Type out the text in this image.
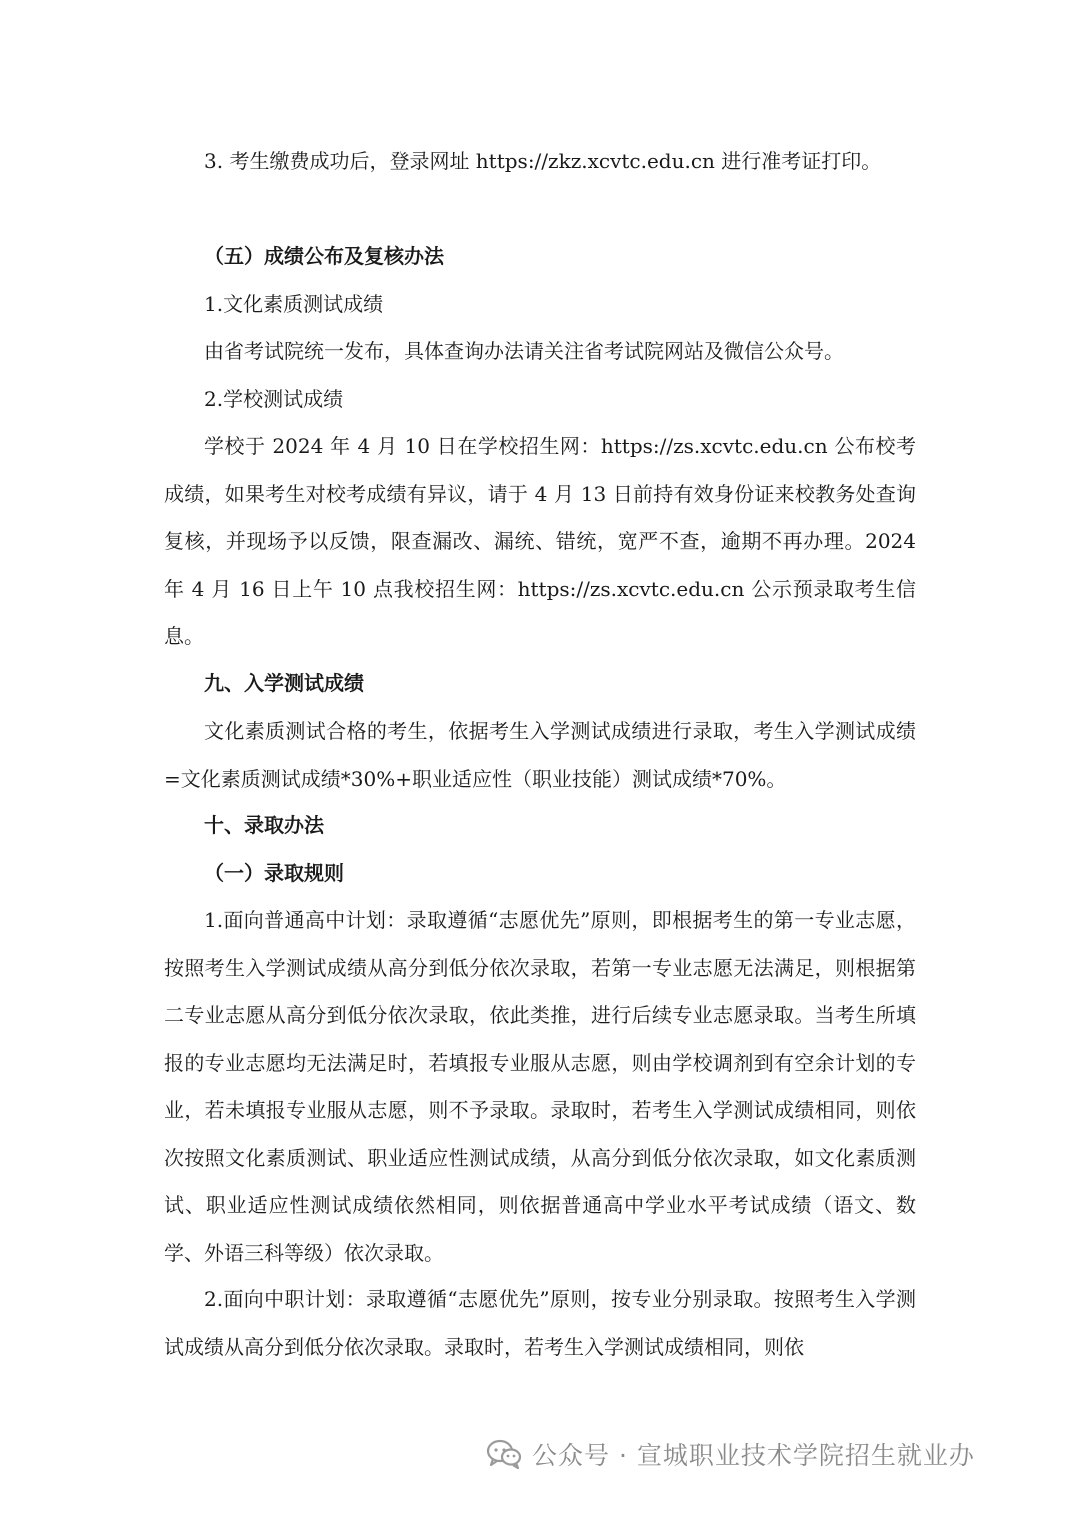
3. 考生缴费成功后，登录网址 https://zkz.xcvtc.edu.cn 进行准考证打印。

（五）成绩公布及复核办法

1.文化素质测试成绩

由省考试院统一发布，具体查询办法请关注省考试院网站及微信公众号。

2.学校测试成绩

学校于 2024 年 4 月 10 日在学校招生网：https://zs.xcvtc.edu.cn 公布校考成绩，如果考生对校考成绩有异议，请于 4 月 13 日前持有效身份证来校教务处查询复核，并现场予以反馈，限查漏改、漏统、错统，宽严不查，逾期不再办理。2024 年 4 月 16 日上午 10 点我校招生网：https://zs.xcvtc.edu.cn 公示预录取考生信息。

九、入学测试成绩

文化素质测试合格的考生，依据考生入学测试成绩进行录取，考生入学测试成绩=文化素质测试成绩*30%+职业适应性（职业技能）测试成绩*70%。

十、录取办法

（一）录取规则

1.面向普通高中计划：录取遵循“志愿优先”原则，即根据考生的第一专业志愿，按照考生入学测试成绩从高分到低分依次录取，若第一专业志愿无法满足，则根据第二专业志愿从高分到低分依次录取，依此类推，进行后续专业志愿录取。当考生所填报的专业志愿均无法满足时，若填报专业服从志愿，则由学校调剂到有空余计划的专业，若未填报专业服从志愿，则不予录取。录取时，若考生入学测试成绩相同，则依次按照文化素质测试、职业适应性测试成绩，从高分到低分依次录取，如文化素质测试、职业适应性测试成绩依然相同，则依据普通高中学业水平考试成绩（语文、数学、外语三科等级）依次录取。

2.面向中职计划：录取遵循“志愿优先”原则，按专业分别录取。按照考生入学测试成绩从高分到低分依次录取。录取时，若考生入学测试成绩相同，则依

公众号 · 宣城职业技术学院招生就业办
